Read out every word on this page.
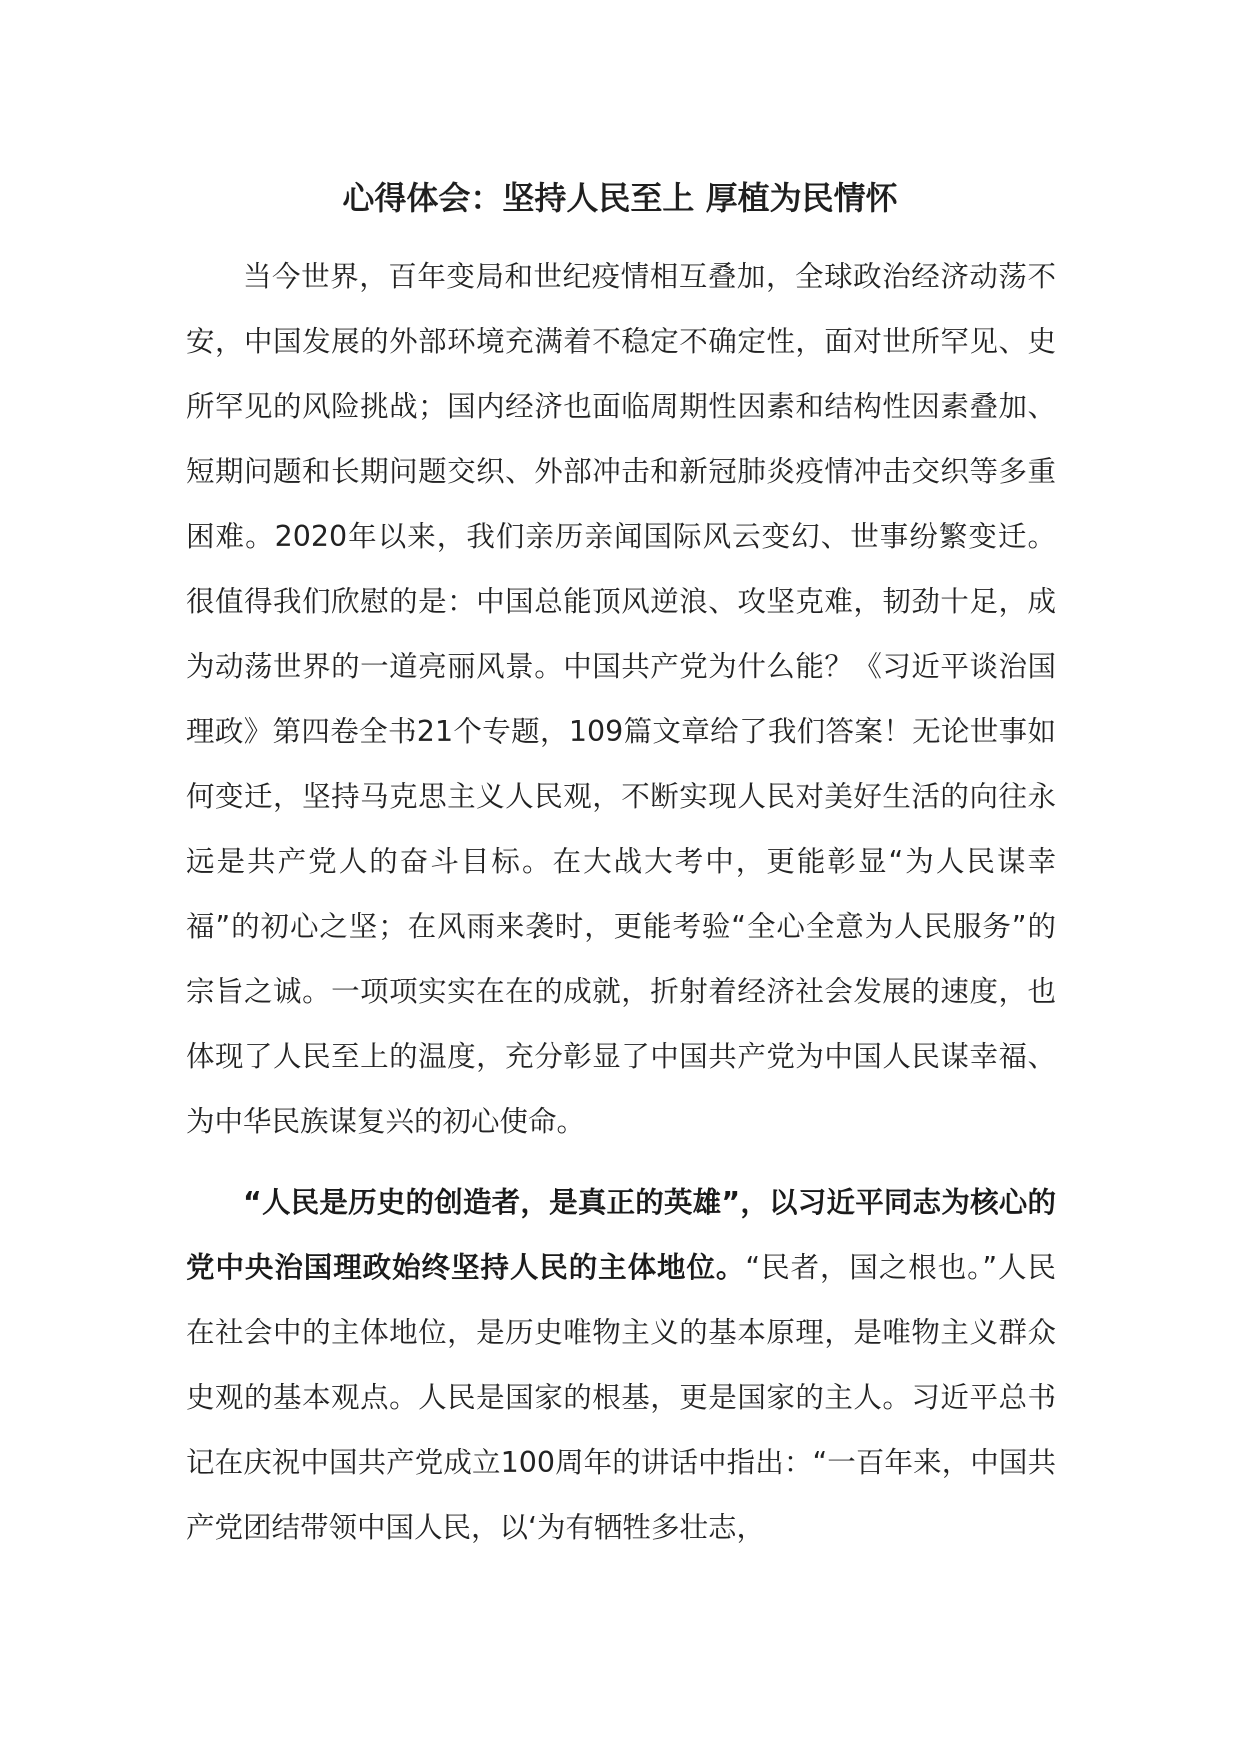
心得体会：坚持人民至上 厚植为民情怀

当今世界，百年变局和世纪疫情相互叠加，全球政治经济动荡不安，中国发展的外部环境充满着不稳定不确定性，面对世所罕见、史所罕见的风险挑战；国内经济也面临周期性因素和结构性因素叠加、短期问题和长期问题交织、外部冲击和新冠肺炎疫情冲击交织等多重困难。2020年以来，我们亲历亲闻国际风云变幻、世事纷繁变迁。很值得我们欣慰的是：中国总能顶风逆浪、攻坚克难，韧劲十足，成为动荡世界的一道亮丽风景。中国共产党为什么能？《习近平谈治国理政》第四卷全书21个专题，109篇文章给了我们答案！无论世事如何变迁，坚持马克思主义人民观，不断实现人民对美好生活的向往永远是共产党人的奋斗目标。在大战大考中，更能彰显“为人民谋幸福”的初心之坚；在风雨来袭时，更能考验“全心全意为人民服务”的宗旨之诚。一项项实实在在的成就，折射着经济社会发展的速度，也体现了人民至上的温度，充分彰显了中国共产党为中国人民谋幸福、为中华民族谋复兴的初心使命。

“人民是历史的创造者，是真正的英雄”，以习近平同志为核心的党中央治国理政始终坚持人民的主体地位。“民者，国之根也。”人民在社会中的主体地位，是历史唯物主义的基本原理，是唯物主义群众史观的基本观点。人民是国家的根基，更是国家的主人。习近平总书记在庆祝中国共产党成立100周年的讲话中指出：“一百年来，中国共产党团结带领中国人民，以‘为有牺牲多壮志，
